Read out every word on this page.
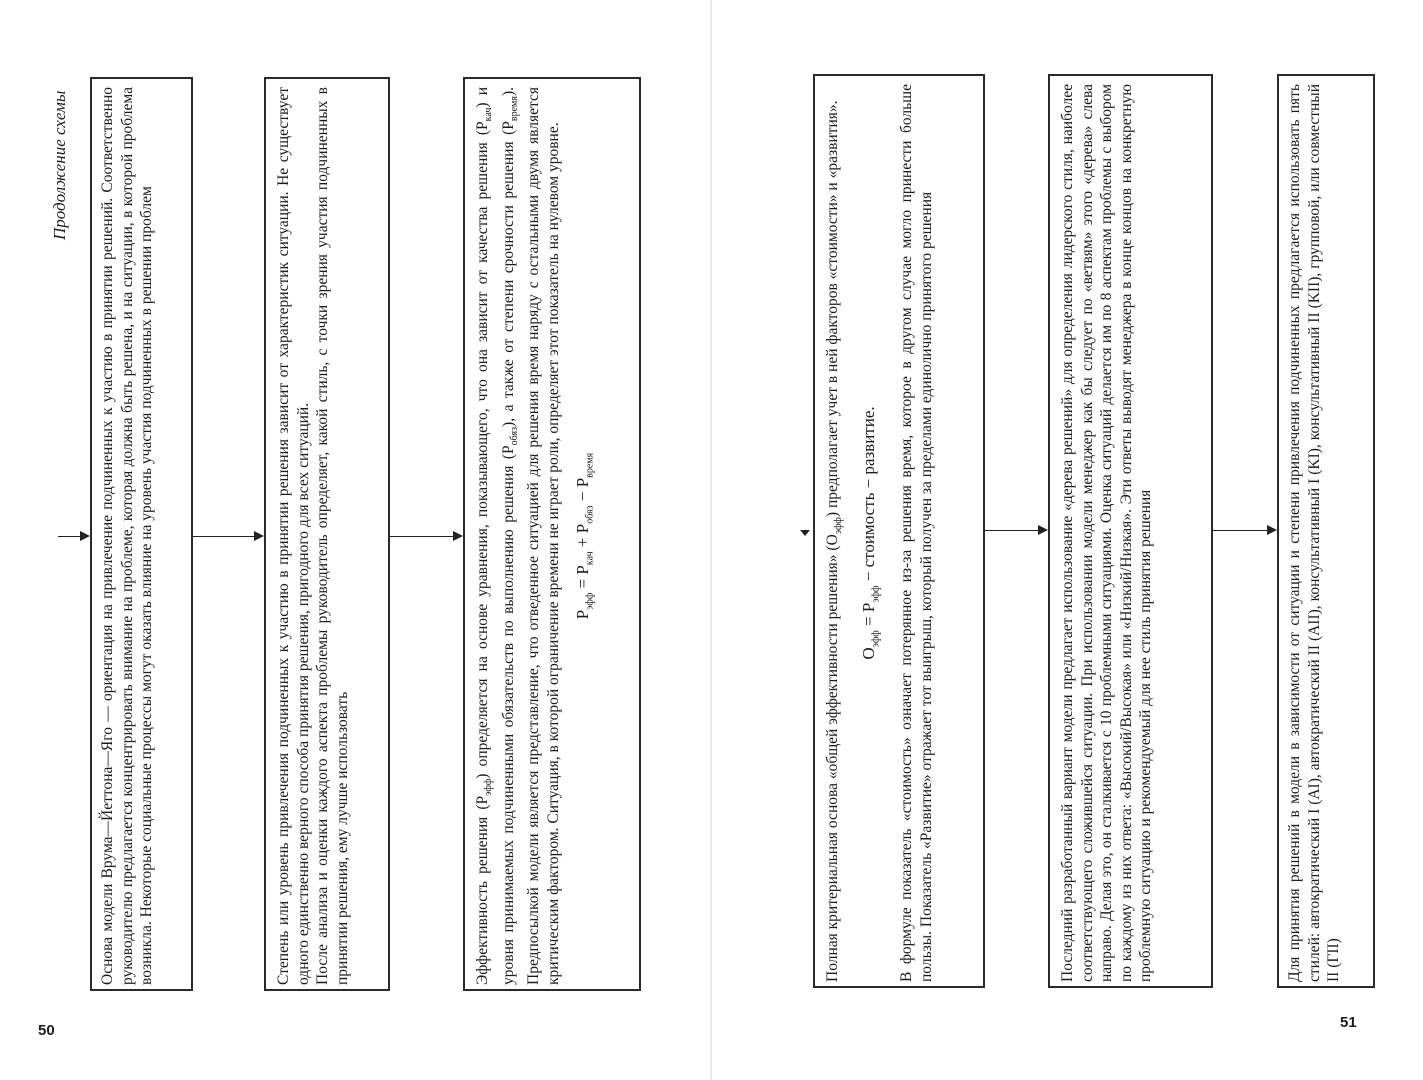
Продолжение схемы
50	51

Основа модели Врума—Йеттона—Яго — ориентация на привлечение подчиненных к участию в принятии решений. Соответственно руководителю предлагается концентрировать внимание на проблеме, которая должна быть решена, и на ситуации, в которой проблема возникла. Некоторые социальные процессы могут оказать влияние на уровень участия подчиненных в решении проблем	Степень или уровень привлечения подчиненных к участию в принятии решения зависит от характеристик ситуации. Не существует одного единственно верного способа принятия решения, пригодного для всех ситуаций. После анализа и оценки каждого аспекта проблемы руководитель определяет, какой стиль, с точки зрения участия подчиненных в принятии решения, ему лучше использовать	Эффективность решения $(P_{эфф})$ определяется на основе уравнения, показывающего, что она зависит от качества решения $(P_{кач})$ и уровня принимаемых подчиненными обязательств по выполнению решения $(P_{обяз})$, а также от степени срочности решения $(P_{время})$. Предпосылкой модели является представление, что отведенное ситуацией для решения время наряду с остальными двумя является критическим фактором. Ситуация, в которой ограничение времени не играет роли, определяет этот показатель на нулевом уровне. $P_{эфф} = P_{кач} + P_{обяз} - P_{время}$

Полная критериальная основа «общей эффективности решения» $(O_{эфф})$ предполагает учет в ней факторов «стоимости» и «развития».

$O_{эфф} = P_{эфф}$ − стоимость − развитие.	В формуле показатель «стоимость» означает потерянное из-за решения время, которое в другом случае могло принести больше пользы. Показатель «Развитие» отражает тот выигрыш, который получен за пределами единолично принятого решения	Последний разработанный вариант модели предлагает использование «дерева решений» для определения лидерского стиля, наиболее соответствующего сложившейся ситуации. При использовании модели менеджер как бы следует по «ветвям» этого «дерева» слева направо. Делая это, он сталкивается с 10 проблемными ситуациями. Оценка ситуаций делается им по 8 аспектам проблемы с выбором по каждому из них ответа: «Высокий/Высокая» или «Низкий/Низкая». Эти ответы выводят менеджера в конце концов на конкретную проблемную ситуацию и рекомендуемый для нее стиль принятия решения	Для принятия решений в модели в зависимости от ситуации и степени привлечения подчиненных предлагается использовать пять стилей: автократический I (AI), автократический II (AII), консультативный I (KI), консультативный II (KII), групповой, или совместный II (ГII)
